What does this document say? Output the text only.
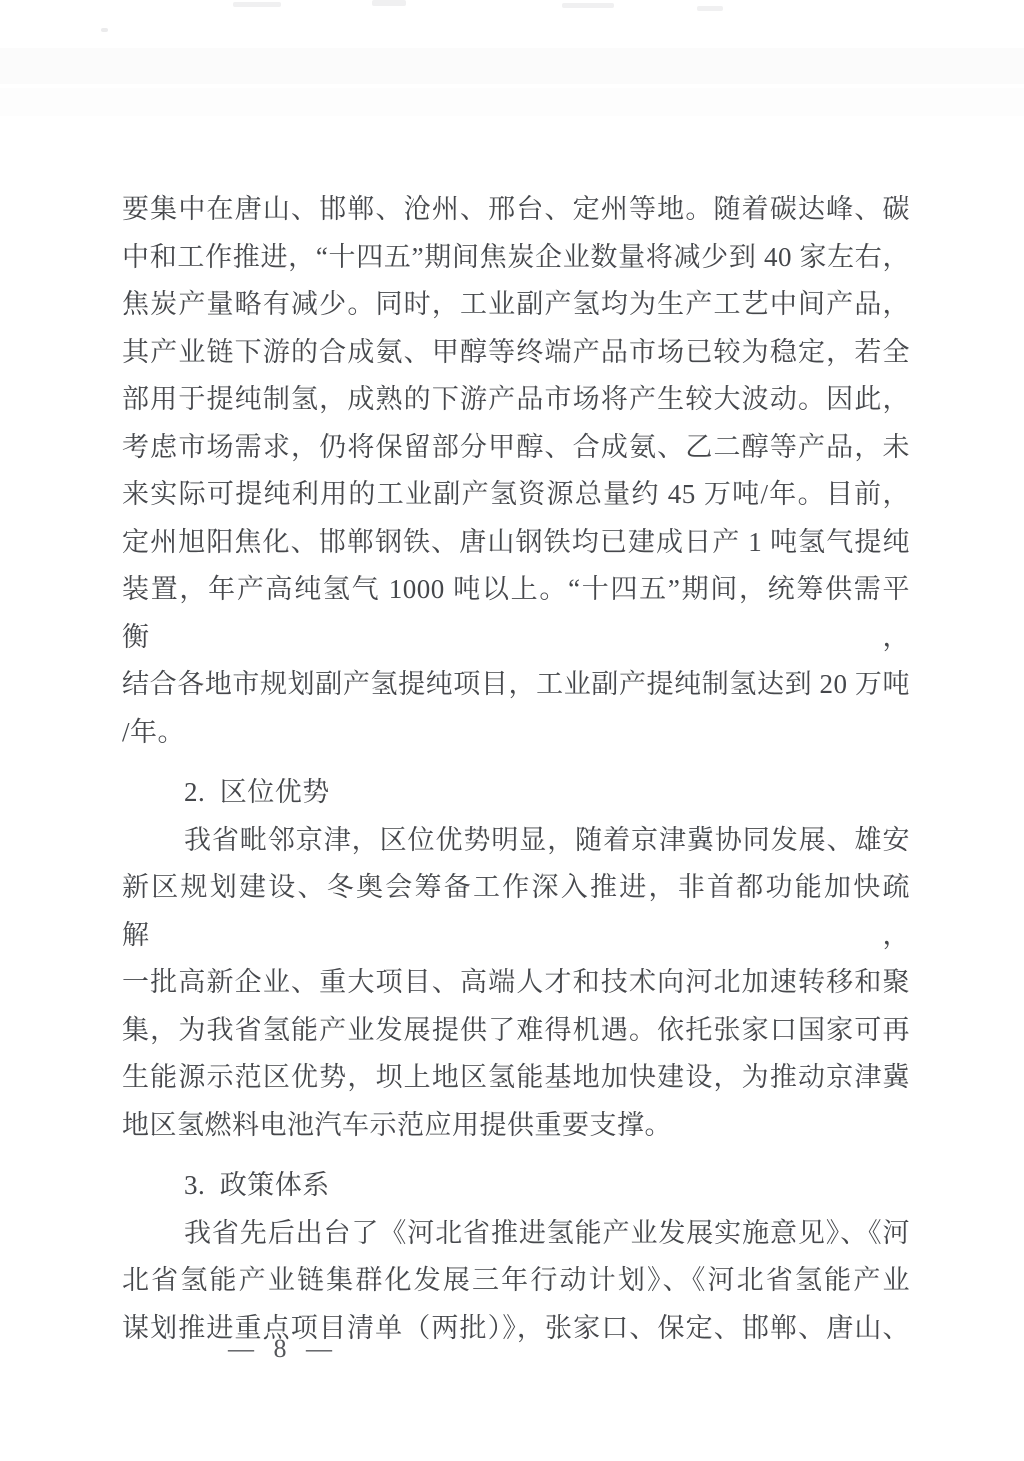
要集中在唐山、邯郸、沧州、邢台、定州等地。随着碳达峰、碳
中和工作推进，“十四五”期间焦炭企业数量将减少到 40 家左右，
焦炭产量略有减少。同时，工业副产氢均为生产工艺中间产品，
其产业链下游的合成氨、甲醇等终端产品市场已较为稳定，若全
部用于提纯制氢，成熟的下游产品市场将产生较大波动。因此，
考虑市场需求，仍将保留部分甲醇、合成氨、乙二醇等产品，未
来实际可提纯利用的工业副产氢资源总量约 45 万吨/年。目前，
定州旭阳焦化、邯郸钢铁、唐山钢铁均已建成日产 1 吨氢气提纯
装置，年产高纯氢气 1000 吨以上。“十四五”期间，统筹供需平衡，
结合各地市规划副产氢提纯项目，工业副产提纯制氢达到 20 万吨
/年。
2.  区位优势
我省毗邻京津，区位优势明显，随着京津冀协同发展、雄安
新区规划建设、冬奥会筹备工作深入推进，非首都功能加快疏解，
一批高新企业、重大项目、高端人才和技术向河北加速转移和聚
集，为我省氢能产业发展提供了难得机遇。依托张家口国家可再
生能源示范区优势，坝上地区氢能基地加快建设，为推动京津冀
地区氢燃料电池汽车示范应用提供重要支撑。
3.  政策体系
我省先后出台了《河北省推进氢能产业发展实施意见》、《河
北省氢能产业链集群化发展三年行动计划》、《河北省氢能产业
谋划推进重点项目清单（两批）》，张家口、保定、邯郸、唐山、

— 8 —
